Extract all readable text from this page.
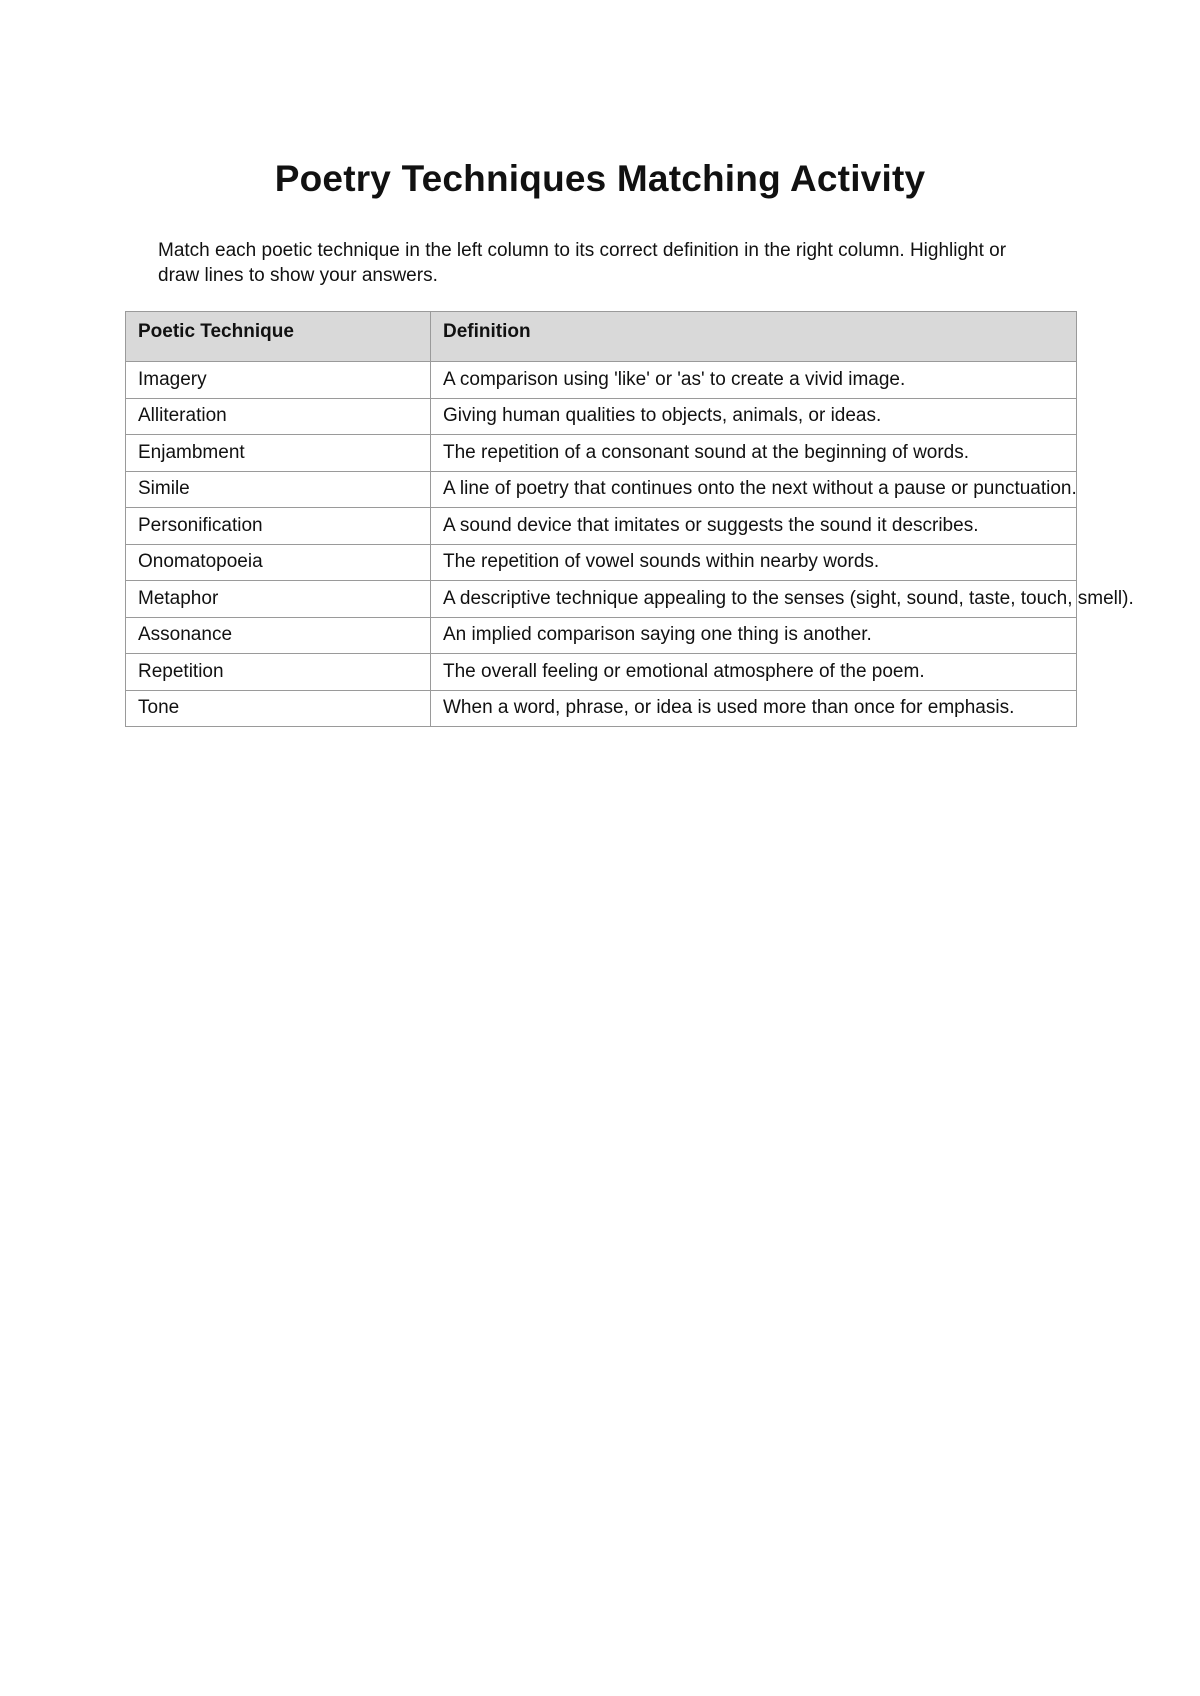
Poetry Techniques Matching Activity

Match each poetic technique in the left column to its correct definition in the right column. Highlight or draw lines to show your answers.

Poetic Technique	Definition
Imagery	A comparison using 'like' or 'as' to create a vivid image.
Alliteration	Giving human qualities to objects, animals, or ideas.
Enjambment	The repetition of a consonant sound at the beginning of words.
Simile	A line of poetry that continues onto the next without a pause or punctuation.
Personification	A sound device that imitates or suggests the sound it describes.
Onomatopoeia	The repetition of vowel sounds within nearby words.
Metaphor	A descriptive technique appealing to the senses (sight, sound, taste, touch, smell).
Assonance	An implied comparison saying one thing is another.
Repetition	The overall feeling or emotional atmosphere of the poem.
Tone	When a word, phrase, or idea is used more than once for emphasis.
